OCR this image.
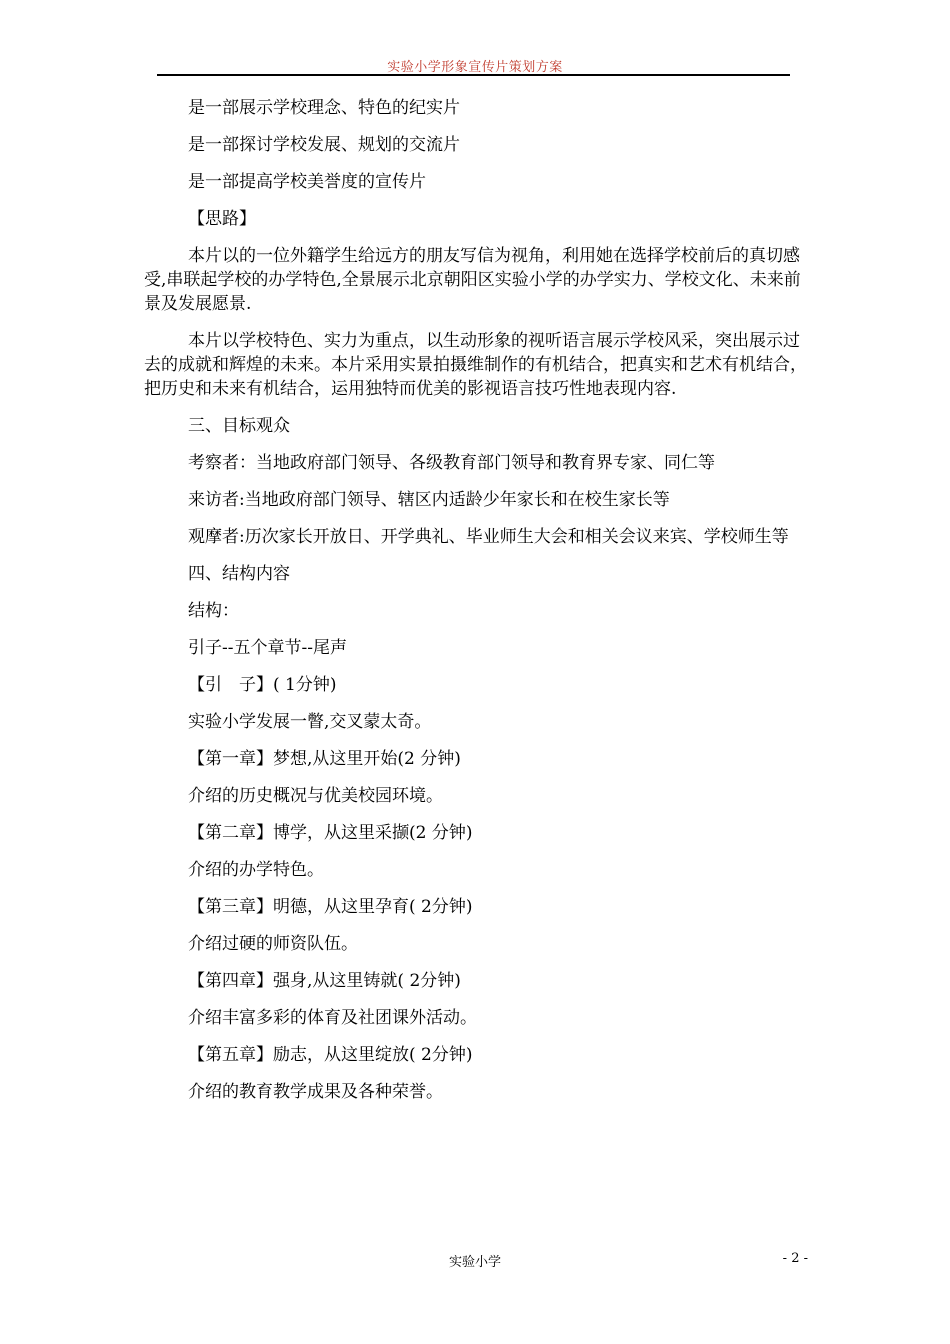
实验小学形象宣传片策划方案

是一部展示学校理念、特色的纪实片

是一部探讨学校发展、规划的交流片

是一部提高学校美誉度的宣传片

【思路】

本片以的一位外籍学生给远方的朋友写信为视角，利用她在选择学校前后的真切感受,串联起学校的办学特色,全景展示北京朝阳区实验小学的办学实力、学校文化、未来前景及发展愿景.

本片以学校特色、实力为重点，以生动形象的视听语言展示学校风采，突出展示过去的成就和辉煌的未来。本片采用实景拍摄维制作的有机结合，把真实和艺术有机结合，把历史和未来有机结合，运用独特而优美的影视语言技巧性地表现内容.

三、目标观众

考察者：当地政府部门领导、各级教育部门领导和教育界专家、同仁等

来访者:当地政府部门领导、辖区内适龄少年家长和在校生家长等

观摩者:历次家长开放日、开学典礼、毕业师生大会和相关会议来宾、学校师生等

四、结构内容

结构：

引子--五个章节--尾声

【引　子】( 1分钟)

实验小学发展一瞥,交叉蒙太奇。

【第一章】梦想,从这里开始(2 分钟)

介绍的历史概况与优美校园环境。

【第二章】博学，从这里采撷(2 分钟)

介绍的办学特色。

【第三章】明德，从这里孕育( 2分钟)

介绍过硬的师资队伍。

【第四章】强身,从这里铸就( 2分钟)

介绍丰富多彩的体育及社团课外活动。

【第五章】励志，从这里绽放( 2分钟)

介绍的教育教学成果及各种荣誉。

实验小学	- 2 -
